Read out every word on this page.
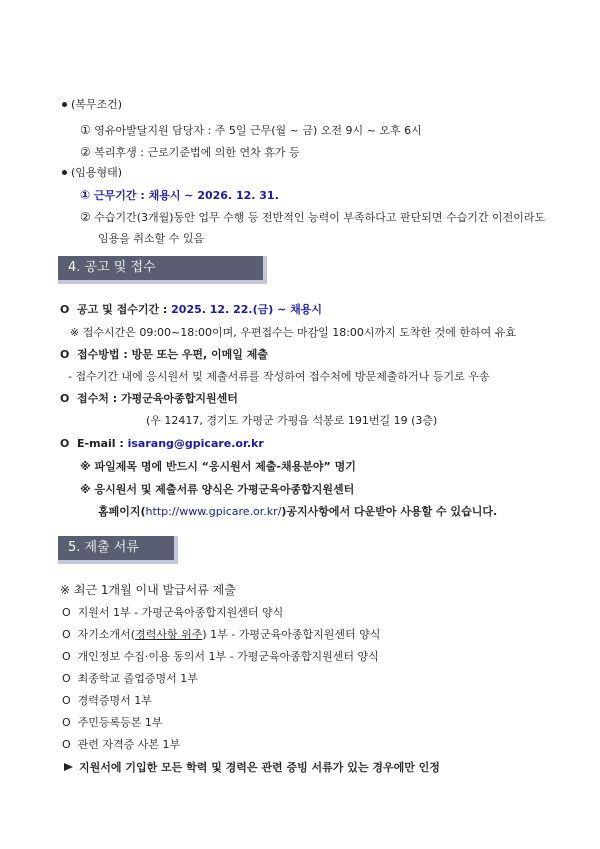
(복무조건)
① 영유아발달지원 담당자 : 주 5일 근무(월 ~ 금) 오전 9시 ~ 오후 6시
② 복리후생 : 근로기준법에 의한 연차 휴가 등
(임용형태)
① 근무기간 : 채용시 ~ 2026. 12. 31.
② 수습기간(3개월)동안 업무 수행 등 전반적인 능력이 부족하다고 판단되면 수습기간 이전이라도
임용을 취소할 수 있음
4. 공고 및 접수
O 공고 및 접수기간 : 2025. 12. 22.(금) ~ 채용시
※ 접수시간은 09:00~18:00이며, 우편접수는 마감일 18:00시까지 도착한 것에 한하여 유효
O 접수방법 : 방문 또는 우편, 이메일 제출
- 접수기간 내에 응시원서 및 제출서류를 작성하여 접수처에 방문제출하거나 등기로 우송
O 접수처 : 가평군육아종합지원센터
(우 12417, 경기도 가평군 가평읍 석봉로 191번길 19 (3층)
O E-mail : isarang@gpicare.or.kr
※ 파일제목 명에 반드시 “응시원서 제출-채용분야” 명기
※ 응시원서 및 제출서류 양식은 가평군육아종합지원센터
홈페이지(http://www.gpicare.or.kr/)공지사항에서 다운받아 사용할 수 있습니다.
5. 제출 서류
※ 최근 1개월 이내 발급서류 제출
O 지원서 1부 - 가평군육아종합지원센터 양식
O 자기소개서(경력사항 위주) 1부 - 가평군육아종합지원센터 양식
O 개인정보 수집·이용 동의서 1부 - 가평군육아종합지원센터 양식
O 최종학교 졸업증명서 1부
O 경력증명서 1부
O 주민등록등본 1부
O 관련 자격증 사본 1부
지원서에 기입한 모든 학력 및 경력은 관련 증빙 서류가 있는 경우에만 인정
